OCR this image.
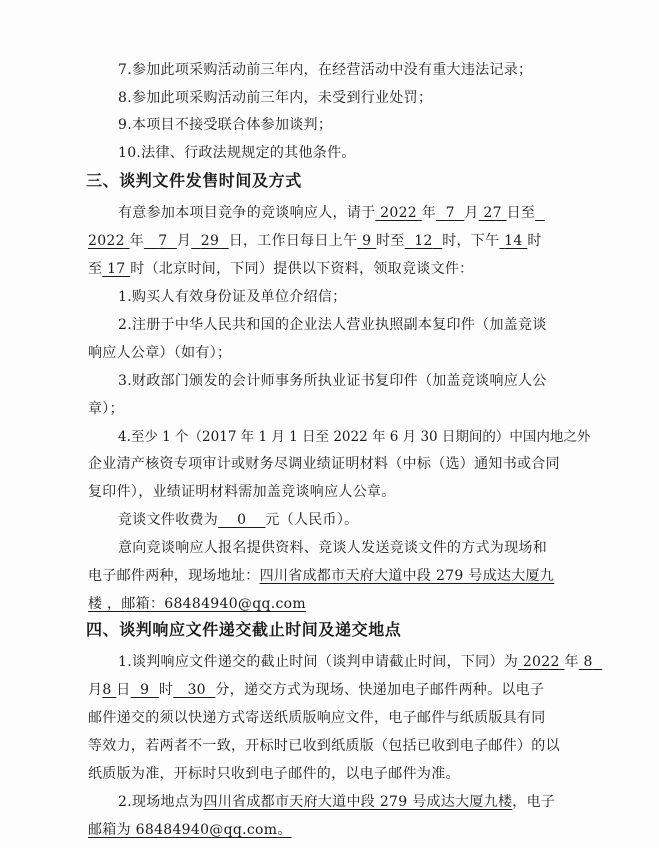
7.参加此项采购活动前三年内，在经营活动中没有重大违法记录；
8.参加此项采购活动前三年内，未受到行业处罚；
9.本项目不接受联合体参加谈判；
10.法律、行政法规规定的其他条件。
三、谈判文件发售时间及方式
有意参加本项目竞争的竞谈响应人，请于 2022 年 7 月 27 日至
2022 年 7 月 29 日，工作日每日上午 9 时至 12 时，下午 14 时
至 17 时（北京时间，下同）提供以下资料，领取竞谈文件：
1.购买人有效身份证及单位介绍信；
2.注册于中华人民共和国的企业法人营业执照副本复印件（加盖竞谈
响应人公章）（如有）；
3.财政部门颁发的会计师事务所执业证书复印件（加盖竞谈响应人公
章）；
4.至少 1 个（2017 年 1 月 1 日至 2022 年 6 月 30 日期间的）中国内地之外
企业清产核资专项审计或财务尽调业绩证明材料（中标（选）通知书或合同
复印件），业绩证明材料需加盖竞谈响应人公章。
竞谈文件收费为 0 元（人民币）。
意向竞谈响应人报名提供资料、竞谈人发送竞谈文件的方式为现场和
电子邮件两种，现场地址：四川省成都市天府大道中段 279 号成达大厦九
楼 ，邮箱：68484940@qq.com
四、谈判响应文件递交截止时间及递交地点
1.谈判响应文件递交的截止时间（谈判申请截止时间，下同）为 2022 年 8
月8 日 9 时 30 分，递交方式为现场、快递加电子邮件两种。以电子
邮件递交的须以快递方式寄送纸质版响应文件，电子邮件与纸质版具有同
等效力，若两者不一致，开标时已收到纸质版（包括已收到电子邮件）的以
纸质版为准，开标时只收到电子邮件的，以电子邮件为准。
2.现场地点为四川省成都市天府大道中段 279 号成达大厦九楼，电子
邮箱为 68484940@qq.com。
